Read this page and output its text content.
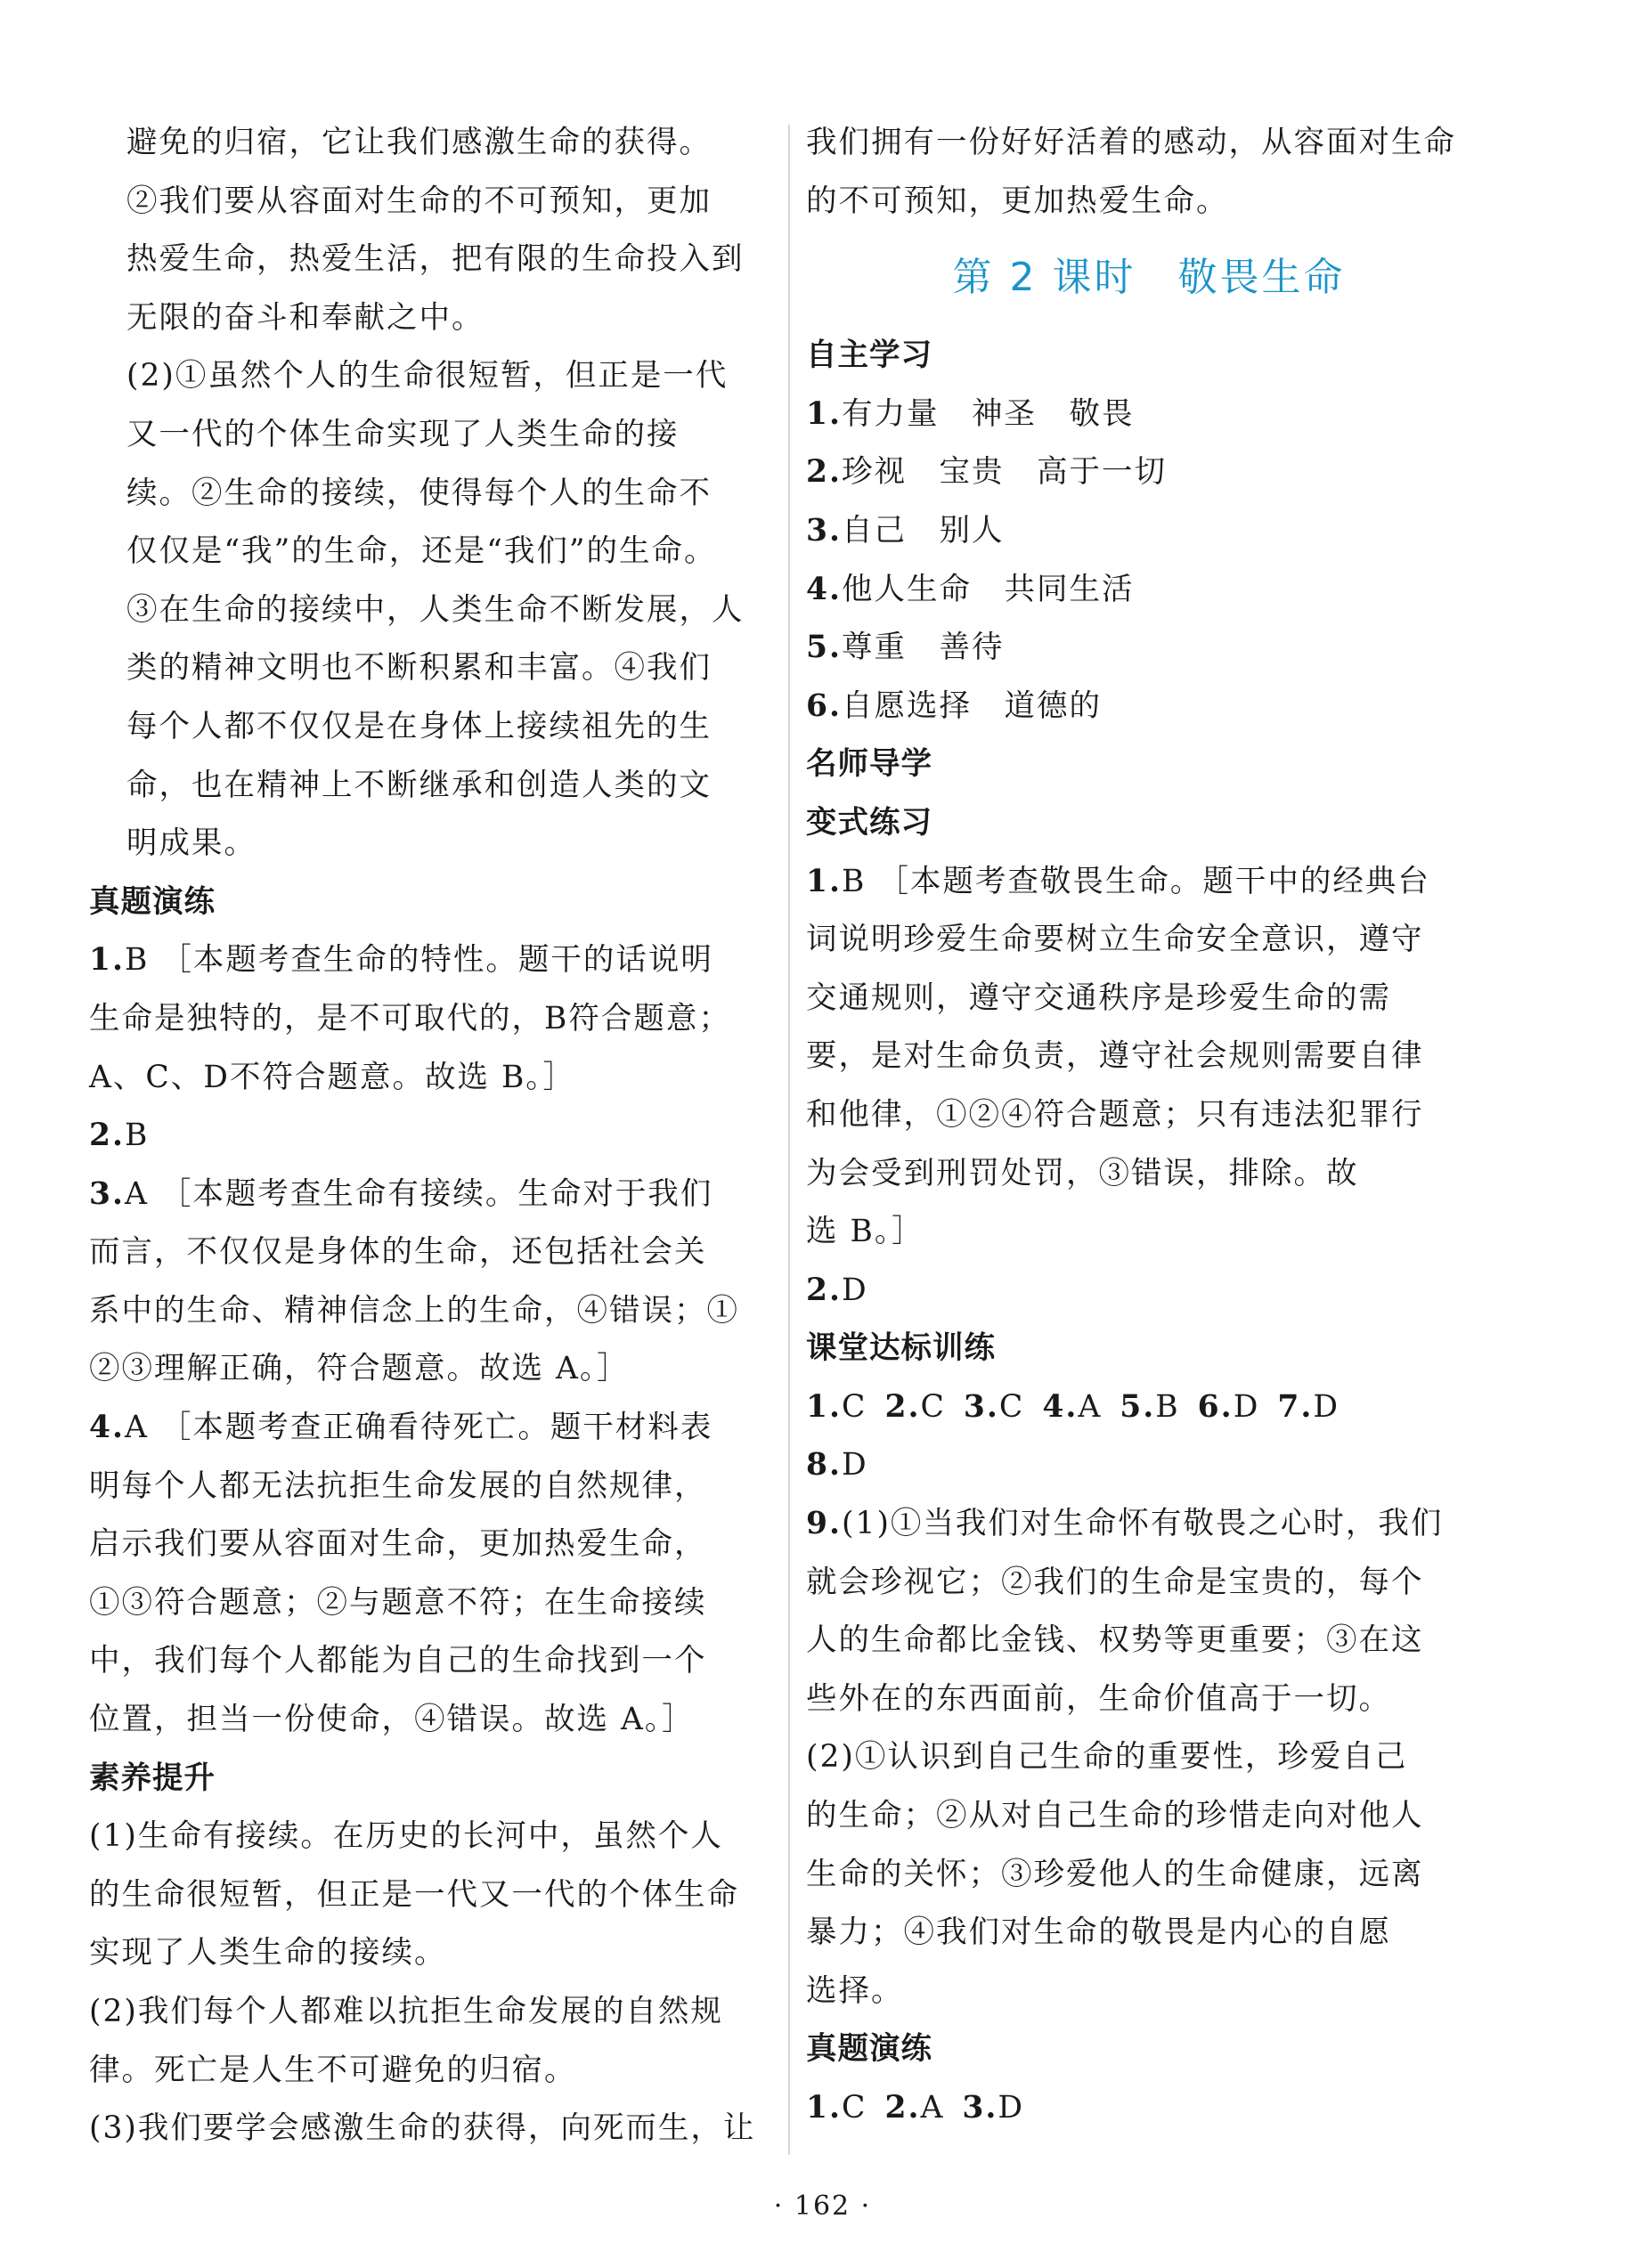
避免的归宿，它让我们感激生命的获得。
②我们要从容面对生命的不可预知，更加
热爱生命，热爱生活，把有限的生命投入到
无限的奋斗和奉献之中。
(2)①虽然个人的生命很短暂，但正是一代
又一代的个体生命实现了人类生命的接
续。②生命的接续，使得每个人的生命不
仅仅是“我”的生命，还是“我们”的生命。
③在生命的接续中，人类生命不断发展，人
类的精神文明也不断积累和丰富。④我们
每个人都不仅仅是在身体上接续祖先的生
命，也在精神上不断继承和创造人类的文
明成果。
真题演练
1.B ［本题考查生命的特性。题干的话说明
生命是独特的，是不可取代的，B符合题意；
A、C、D不符合题意。故选 B。］
2.B
3.A ［本题考查生命有接续。生命对于我们
而言，不仅仅是身体的生命，还包括社会关
系中的生命、精神信念上的生命，④错误；①
②③理解正确，符合题意。故选 A。］
4.A ［本题考查正确看待死亡。题干材料表
明每个人都无法抗拒生命发展的自然规律，
启示我们要从容面对生命，更加热爱生命，
①③符合题意；②与题意不符；在生命接续
中，我们每个人都能为自己的生命找到一个
位置，担当一份使命，④错误。故选 A。］
素养提升
(1)生命有接续。在历史的长河中，虽然个人
的生命很短暂，但正是一代又一代的个体生命
实现了人类生命的接续。
(2)我们每个人都难以抗拒生命发展的自然规
律。死亡是人生不可避免的归宿。
(3)我们要学会感激生命的获得，向死而生，让
我们拥有一份好好活着的感动，从容面对生命
的不可预知，更加热爱生命。
第 2 课时　敬畏生命
自主学习
1.有力量　神圣　敬畏
2.珍视　宝贵　高于一切
3.自己　别人
4.他人生命　共同生活
5.尊重　善待
6.自愿选择　道德的
名师导学
变式练习
1.B ［本题考查敬畏生命。题干中的经典台
词说明珍爱生命要树立生命安全意识，遵守
交通规则，遵守交通秩序是珍爱生命的需
要，是对生命负责，遵守社会规则需要自律
和他律，①②④符合题意；只有违法犯罪行
为会受到刑罚处罚，③错误，排除。故
选 B。］
2.D
课堂达标训练
1.C 2.C 3.C 4.A 5.B 6.D 7.D
8.D
9.(1)①当我们对生命怀有敬畏之心时，我们
就会珍视它；②我们的生命是宝贵的，每个
人的生命都比金钱、权势等更重要；③在这
些外在的东西面前，生命价值高于一切。
(2)①认识到自己生命的重要性，珍爱自己
的生命；②从对自己生命的珍惜走向对他人
生命的关怀；③珍爱他人的生命健康，远离
暴力；④我们对生命的敬畏是内心的自愿
选择。
真题演练
1.C 2.A 3.D
· 162 ·
